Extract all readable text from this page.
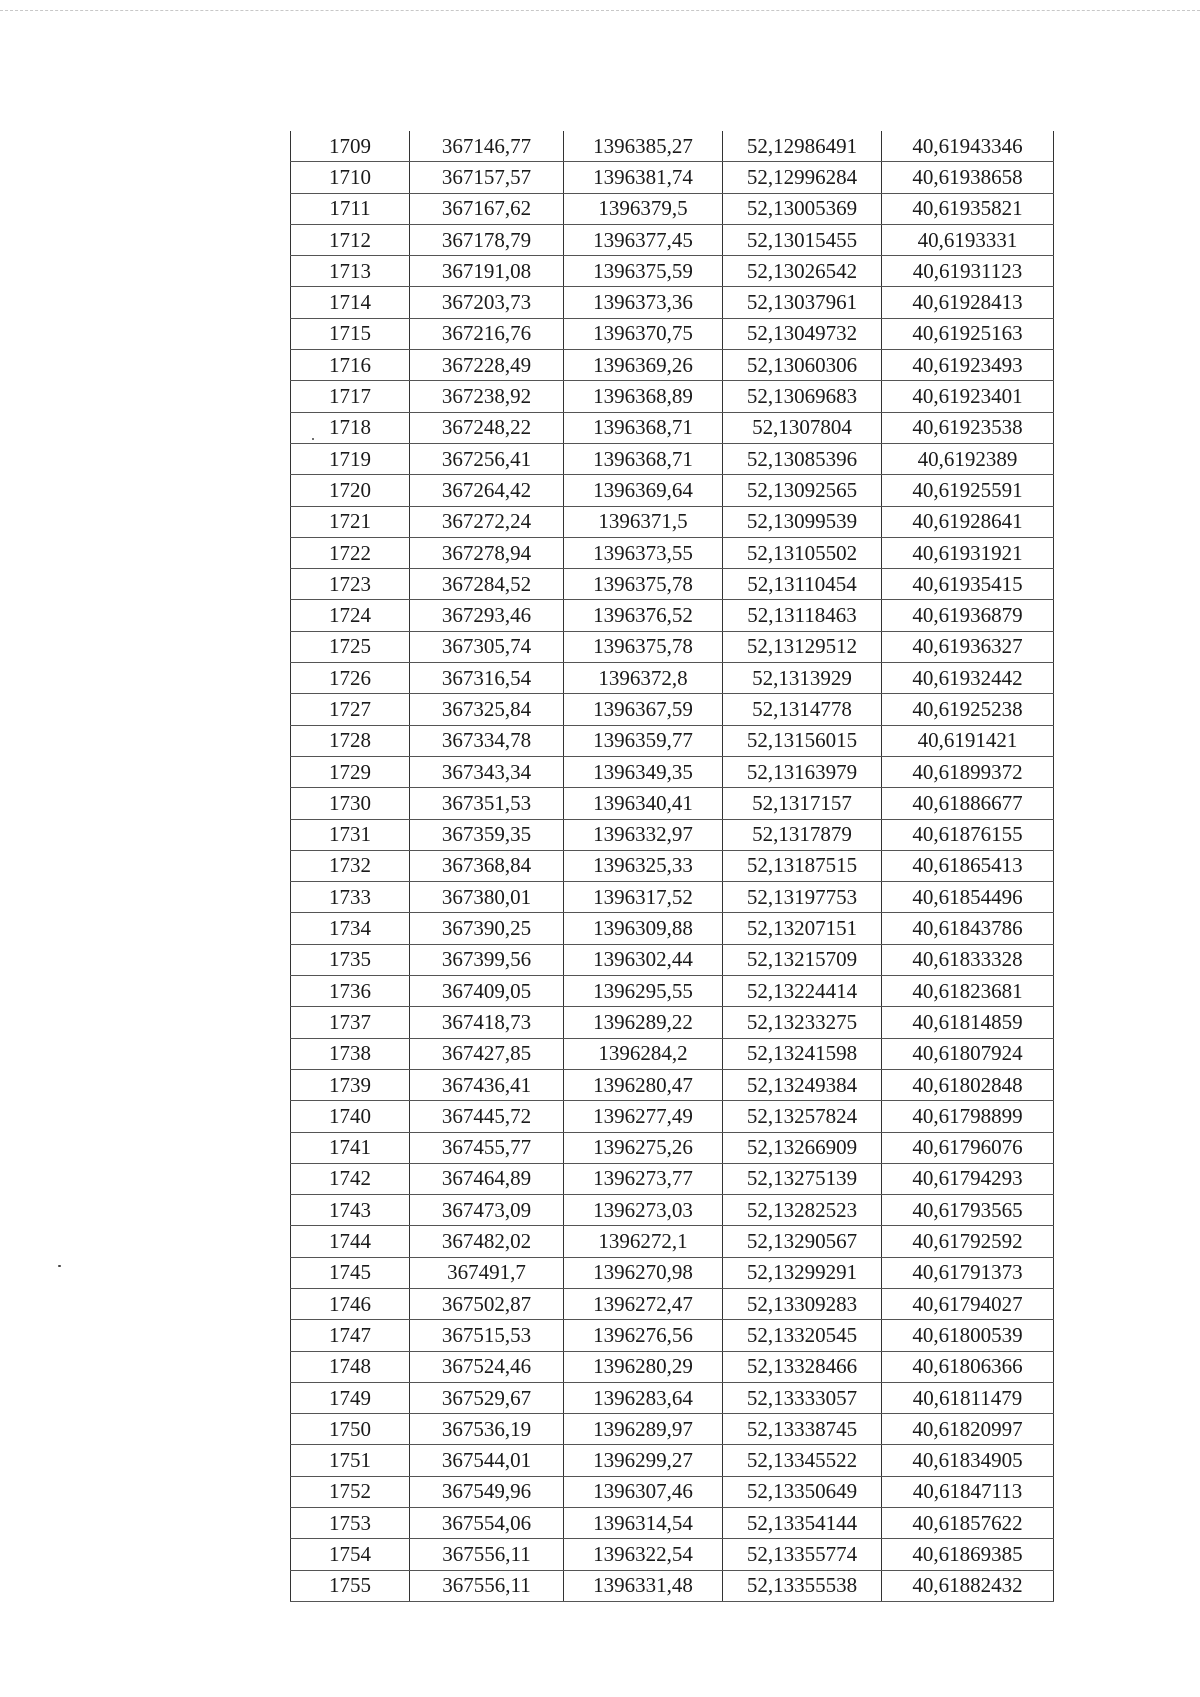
1709	367146,77	1396385,27	52,12986491	40,61943346
1710	367157,57	1396381,74	52,12996284	40,61938658
1711	367167,62	1396379,5	52,13005369	40,61935821
1712	367178,79	1396377,45	52,13015455	40,6193331
1713	367191,08	1396375,59	52,13026542	40,61931123
1714	367203,73	1396373,36	52,13037961	40,61928413
1715	367216,76	1396370,75	52,13049732	40,61925163
1716	367228,49	1396369,26	52,13060306	40,61923493
1717	367238,92	1396368,89	52,13069683	40,61923401
1718	367248,22	1396368,71	52,1307804	40,61923538
1719	367256,41	1396368,71	52,13085396	40,6192389
1720	367264,42	1396369,64	52,13092565	40,61925591
1721	367272,24	1396371,5	52,13099539	40,61928641
1722	367278,94	1396373,55	52,13105502	40,61931921
1723	367284,52	1396375,78	52,13110454	40,61935415
1724	367293,46	1396376,52	52,13118463	40,61936879
1725	367305,74	1396375,78	52,13129512	40,61936327
1726	367316,54	1396372,8	52,1313929	40,61932442
1727	367325,84	1396367,59	52,1314778	40,61925238
1728	367334,78	1396359,77	52,13156015	40,6191421
1729	367343,34	1396349,35	52,13163979	40,61899372
1730	367351,53	1396340,41	52,1317157	40,61886677
1731	367359,35	1396332,97	52,1317879	40,61876155
1732	367368,84	1396325,33	52,13187515	40,61865413
1733	367380,01	1396317,52	52,13197753	40,61854496
1734	367390,25	1396309,88	52,13207151	40,61843786
1735	367399,56	1396302,44	52,13215709	40,61833328
1736	367409,05	1396295,55	52,13224414	40,61823681
1737	367418,73	1396289,22	52,13233275	40,61814859
1738	367427,85	1396284,2	52,13241598	40,61807924
1739	367436,41	1396280,47	52,13249384	40,61802848
1740	367445,72	1396277,49	52,13257824	40,61798899
1741	367455,77	1396275,26	52,13266909	40,61796076
1742	367464,89	1396273,77	52,13275139	40,61794293
1743	367473,09	1396273,03	52,13282523	40,61793565
1744	367482,02	1396272,1	52,13290567	40,61792592
1745	367491,7	1396270,98	52,13299291	40,61791373
1746	367502,87	1396272,47	52,13309283	40,61794027
1747	367515,53	1396276,56	52,13320545	40,61800539
1748	367524,46	1396280,29	52,13328466	40,61806366
1749	367529,67	1396283,64	52,13333057	40,61811479
1750	367536,19	1396289,97	52,13338745	40,61820997
1751	367544,01	1396299,27	52,13345522	40,61834905
1752	367549,96	1396307,46	52,13350649	40,61847113
1753	367554,06	1396314,54	52,13354144	40,61857622
1754	367556,11	1396322,54	52,13355774	40,61869385
1755	367556,11	1396331,48	52,13355538	40,61882432
